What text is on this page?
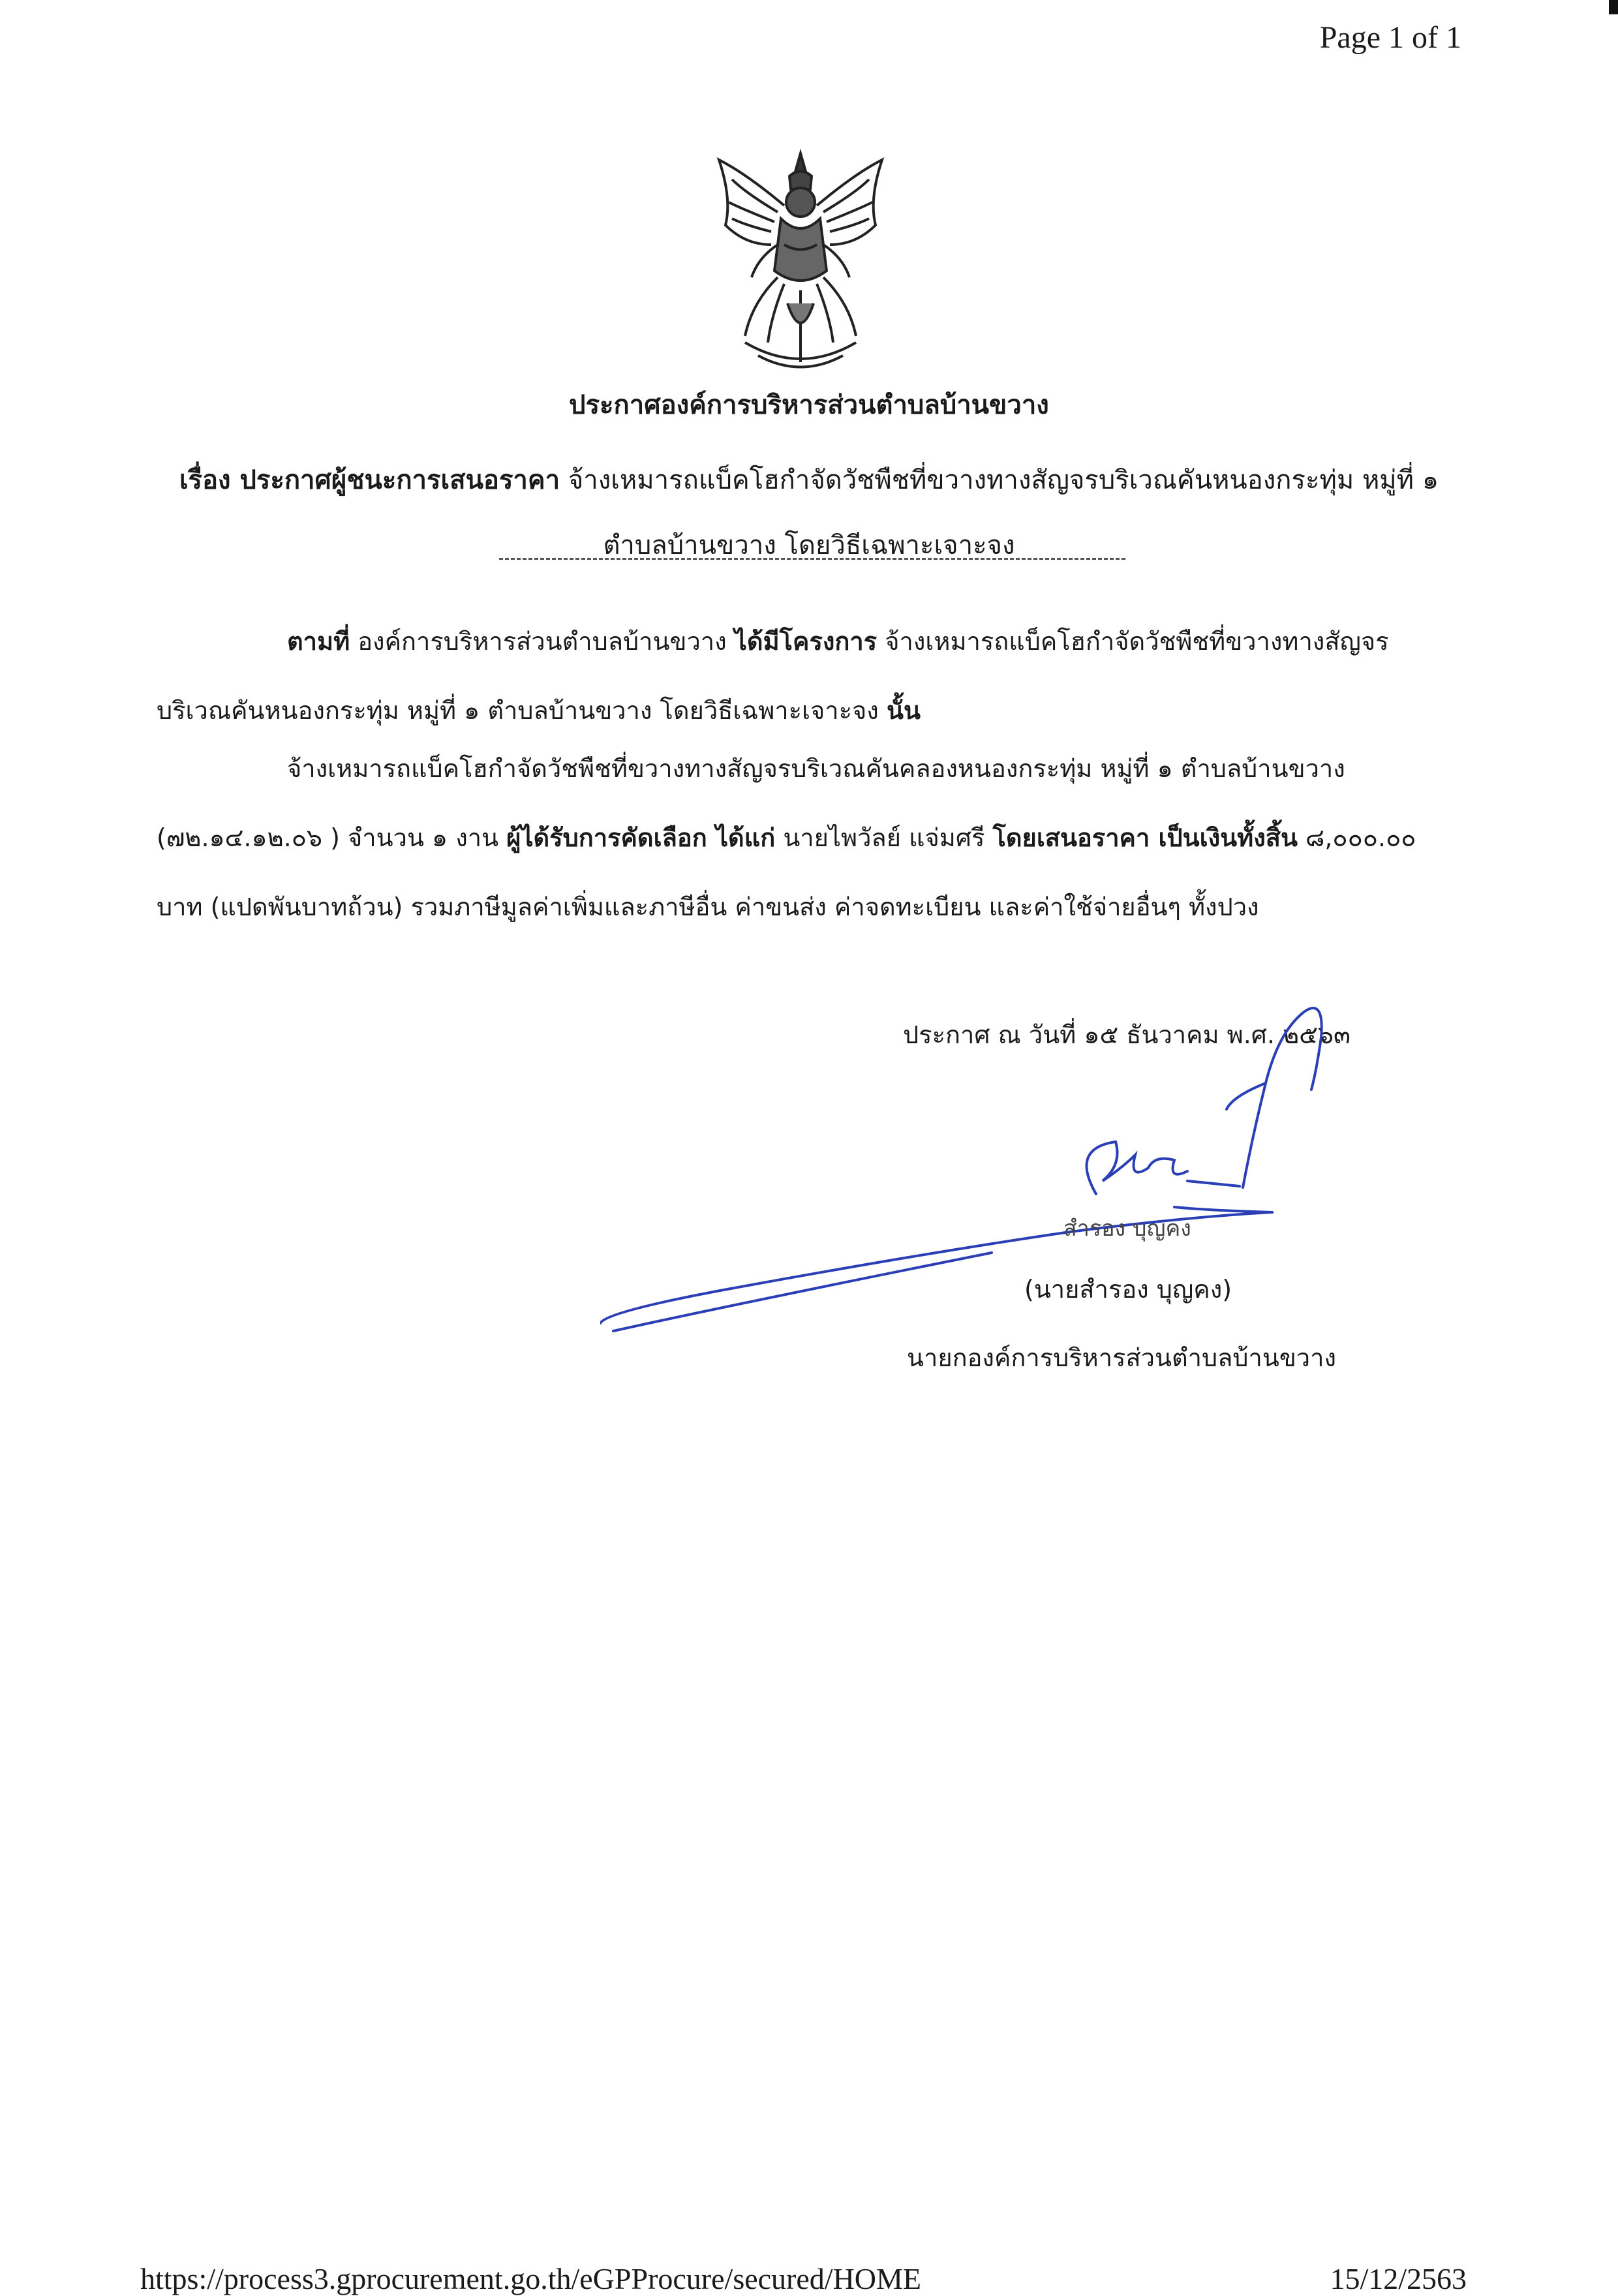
Page 1 of 1
ประกาศองค์การบริหารส่วนตำบลบ้านขวาง
เรื่อง ประกาศผู้ชนะการเสนอราคา จ้างเหมารถแบ็คโฮกำจัดวัชพืชที่ขวางทางสัญจรบริเวณคันหนองกระทุ่ม หมู่ที่ ๑ ตำบลบ้านขวาง โดยวิธีเฉพาะเจาะจง
ตามที่ องค์การบริหารส่วนตำบลบ้านขวาง ได้มีโครงการ จ้างเหมารถแบ็คโฮกำจัดวัชพืชที่ขวางทางสัญจรบริเวณคันหนองกระทุ่ม หมู่ที่ ๑ ตำบลบ้านขวาง โดยวิธีเฉพาะเจาะจง นั้น
จ้างเหมารถแบ็คโฮกำจัดวัชพืชที่ขวางทางสัญจรบริเวณคันคลองหนองกระทุ่ม หมู่ที่ ๑ ตำบลบ้านขวาง (๗๒.๑๔.๑๒.๐๖ ) จำนวน ๑ งาน ผู้ได้รับการคัดเลือก ได้แก่ นายไพวัลย์ แจ่มศรี โดยเสนอราคา เป็นเงินทั้งสิ้น ๘,๐๐๐.๐๐ บาท (แปดพันบาทถ้วน) รวมภาษีมูลค่าเพิ่มและภาษีอื่น ค่าขนส่ง ค่าจดทะเบียน และค่าใช้จ่ายอื่นๆ ทั้งปวง
ประกาศ ณ วันที่ ๑๕ ธันวาคม พ.ศ. ๒๕๖๓
สำรอง บุญคง
(นายสำรอง บุญคง)
นายกองค์การบริหารส่วนตำบลบ้านขวาง
https://process3.gprocurement.go.th/eGPProcure/secured/HOME	15/12/2563
